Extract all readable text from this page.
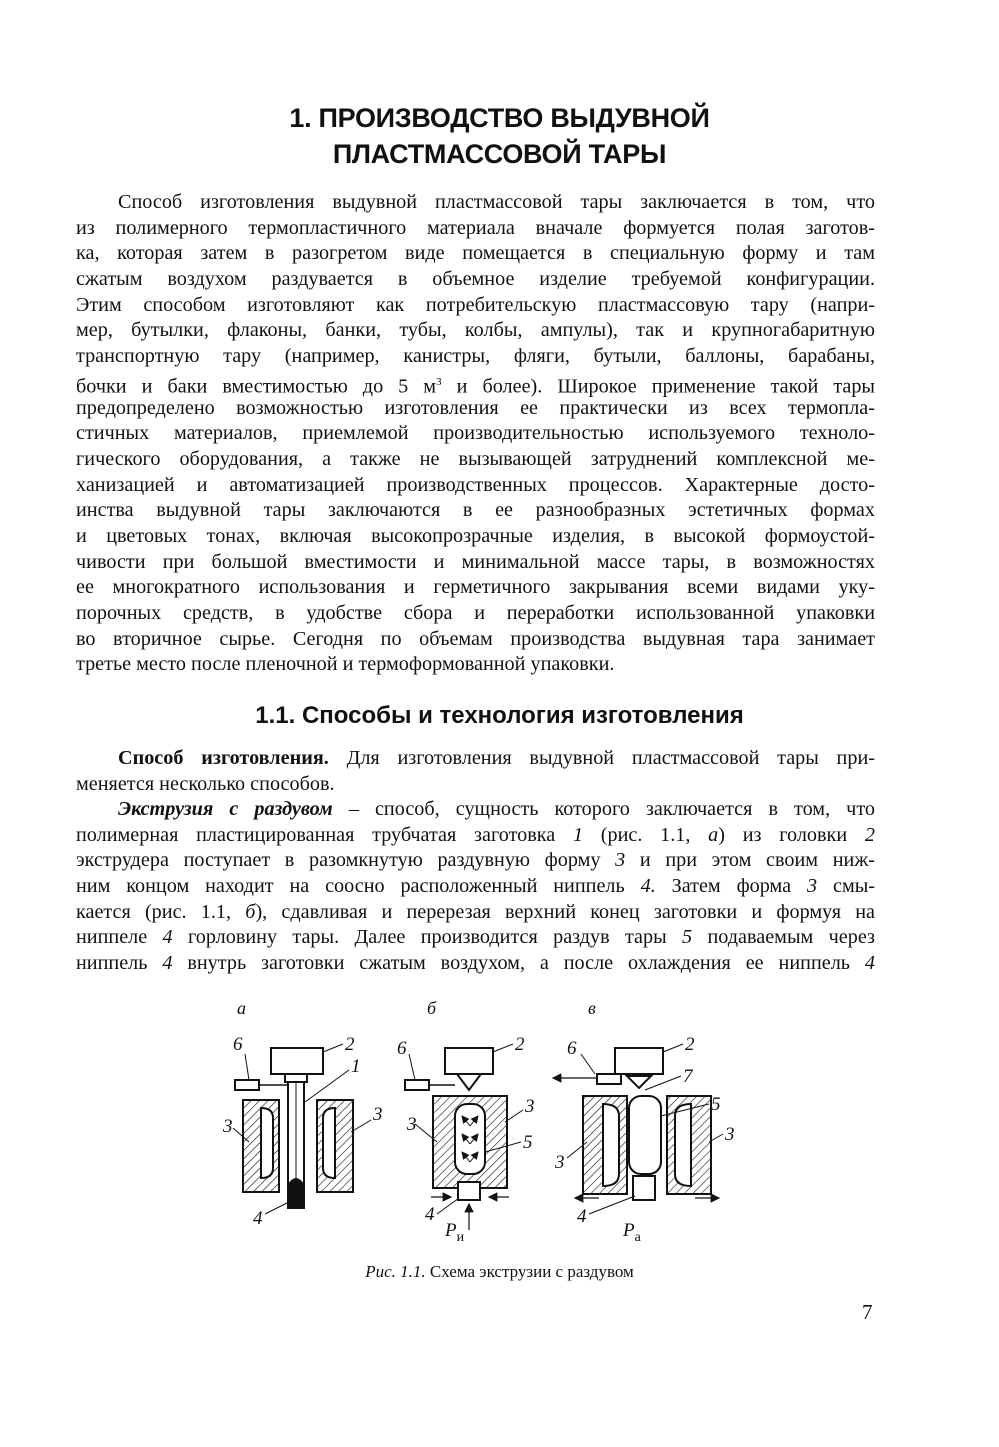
1. ПРОИЗВОДСТВО ВЫДУВНОЙ
ПЛАСТМАССОВОЙ ТАРЫ
Способ изготовления выдувной пластмассовой тары заключается в том, что
из полимерного термопластичного материала вначале формуется полая заготов-
ка, которая затем в разогретом виде помещается в специальную форму и там
сжатым воздухом раздувается в объемное изделие требуемой конфигурации.
Этим способом изготовляют как потребительскую пластмассовую тару (напри-
мер, бутылки, флаконы, банки, тубы, колбы, ампулы), так и крупногабаритную
транспортную тару (например, канистры, фляги, бутыли, баллоны, барабаны,
бочки и баки вместимостью до 5 $м^3$ и более). Широкое применение такой тары
предопределено возможностью изготовления ее практически из всех термопла-
стичных материалов, приемлемой производительностью используемого техноло-
гического оборудования, а также не вызывающей затруднений комплексной ме-
ханизацией и автоматизацией производственных процессов. Характерные досто-
инства выдувной тары заключаются в ее разнообразных эстетичных формах
и цветовых тонах, включая высокопрозрачные изделия, в высокой формоустой-
чивости при большой вместимости и минимальной массе тары, в возможностях
ее многократного использования и герметичного закрывания всеми видами уку-
порочных средств, в удобстве сбора и переработки использованной упаковки
во вторичное сырье. Сегодня по объемам производства выдувная тара занимает
третье место после пленочной и термоформованной упаковки.
1.1. Способы и технология изготовления
Способ изготовления. Для изготовления выдувной пластмассовой тары при-
меняется несколько способов.
Экструзия с раздувом – способ, сущность которого заключается в том, что
полимерная пластицированная трубчатая заготовка 1 (рис. 1.1, а) из головки 2
экструдера поступает в разомкнутую раздувную форму 3 и при этом своим ниж-
ним концом находит на соосно расположенный ниппель 4. Затем форма 3 смы-
кается (рис. 1.1, б), сдавливая и перерезая верхний конец заготовки и формуя на
ниппеле 4 горловину тары. Далее производится раздув тары 5 подаваемым через
ниппель 4 внутрь заготовки сжатым воздухом, а после охлаждения ее ниппель 4
а
2
1
6
3
3
4
б
2
6
3
3
5
4
$P_и$
в
2
6
7
5
3
3
4
$P_а$
Рис. 1.1. Схема экструзии с раздувом
7
